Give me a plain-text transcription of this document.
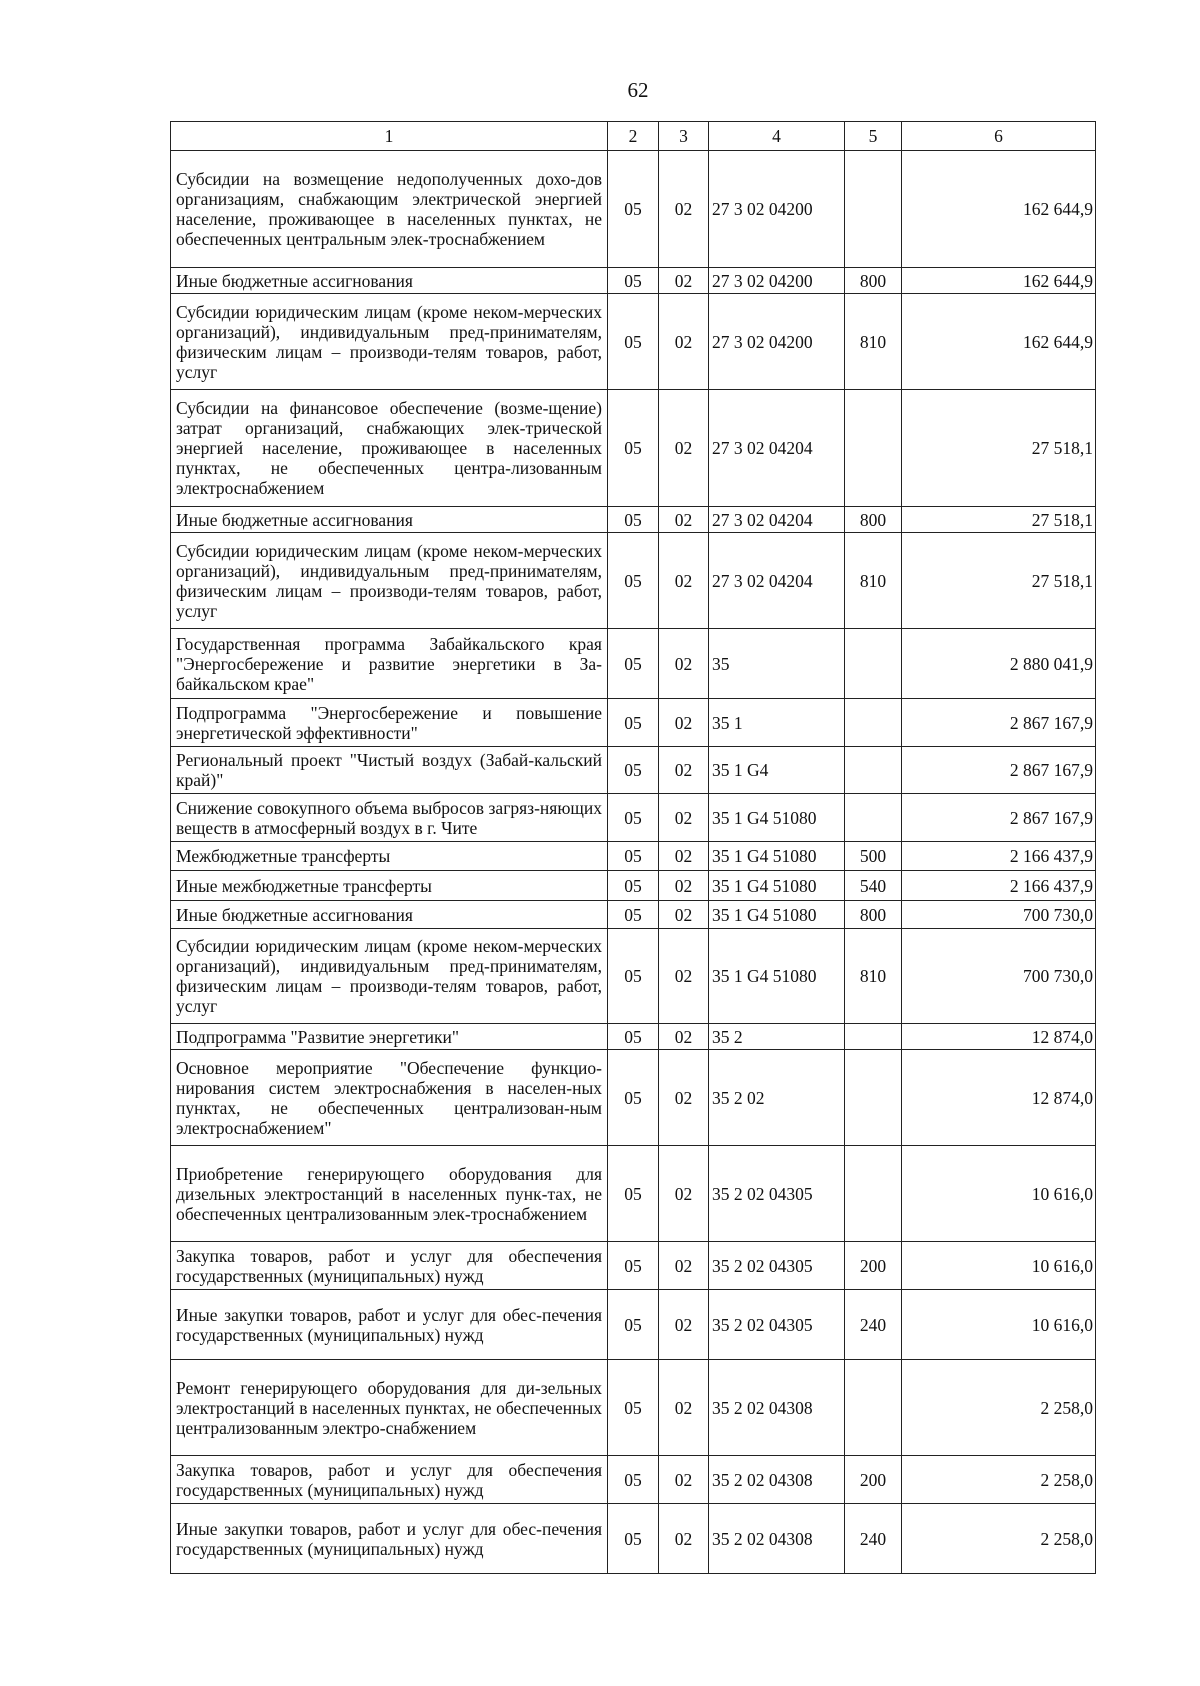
62
1	2	3	4	5	6
Субсидии на возмещение недополученных дохо-дов организациям, снабжающим электрической энергией население, проживающее в населенных пунктах, не обеспеченных центральным элек-троснабжением	05	02	27 3 02 04200		162 644,9
Иные бюджетные ассигнования	05	02	27 3 02 04200	800	162 644,9
Субсидии юридическим лицам (кроме неком-мерческих организаций), индивидуальным пред-принимателям, физическим лицам – производи-телям товаров, работ, услуг	05	02	27 3 02 04200	810	162 644,9
Субсидии на финансовое обеспечение (возме-щение) затрат организаций, снабжающих элек-трической энергией население, проживающее в населенных пунктах, не обеспеченных центра-лизованным электроснабжением	05	02	27 3 02 04204		27 518,1
Иные бюджетные ассигнования	05	02	27 3 02 04204	800	27 518,1
Субсидии юридическим лицам (кроме неком-мерческих организаций), индивидуальным пред-принимателям, физическим лицам – производи-телям товаров, работ, услуг	05	02	27 3 02 04204	810	27 518,1
Государственная программа Забайкальского края "Энергосбережение и развитие энергетики в За-байкальском крае"	05	02	35		2 880 041,9
Подпрограмма "Энергосбережение и повышение энергетической эффективности"	05	02	35 1		2 867 167,9
Региональный проект "Чистый воздух (Забай-кальский край)"	05	02	35 1 G4		2 867 167,9
Снижение совокупного объема выбросов загряз-няющих веществ в атмосферный воздух в г. Чите	05	02	35 1 G4 51080		2 867 167,9
Межбюджетные трансферты	05	02	35 1 G4 51080	500	2 166 437,9
Иные межбюджетные трансферты	05	02	35 1 G4 51080	540	2 166 437,9
Иные бюджетные ассигнования	05	02	35 1 G4 51080	800	700 730,0
Субсидии юридическим лицам (кроме неком-мерческих организаций), индивидуальным пред-принимателям, физическим лицам – производи-телям товаров, работ, услуг	05	02	35 1 G4 51080	810	700 730,0
Подпрограмма "Развитие энергетики"	05	02	35 2		12 874,0
Основное мероприятие "Обеспечение функцио-нирования систем электроснабжения в населен-ных пунктах, не обеспеченных централизован-ным электроснабжением"	05	02	35 2 02		12 874,0
Приобретение генерирующего оборудования для дизельных электростанций в населенных пунк-тах, не обеспеченных централизованным элек-троснабжением	05	02	35 2 02 04305		10 616,0
Закупка товаров, работ и услуг для обеспечения государственных (муниципальных) нужд	05	02	35 2 02 04305	200	10 616,0
Иные закупки товаров, работ и услуг для обес-печения государственных (муниципальных) нужд	05	02	35 2 02 04305	240	10 616,0
Ремонт генерирующего оборудования для ди-зельных электростанций в населенных пунктах, не обеспеченных централизованным электро-снабжением	05	02	35 2 02 04308		2 258,0
Закупка товаров, работ и услуг для обеспечения государственных (муниципальных) нужд	05	02	35 2 02 04308	200	2 258,0
Иные закупки товаров, работ и услуг для обес-печения государственных (муниципальных) нужд	05	02	35 2 02 04308	240	2 258,0
